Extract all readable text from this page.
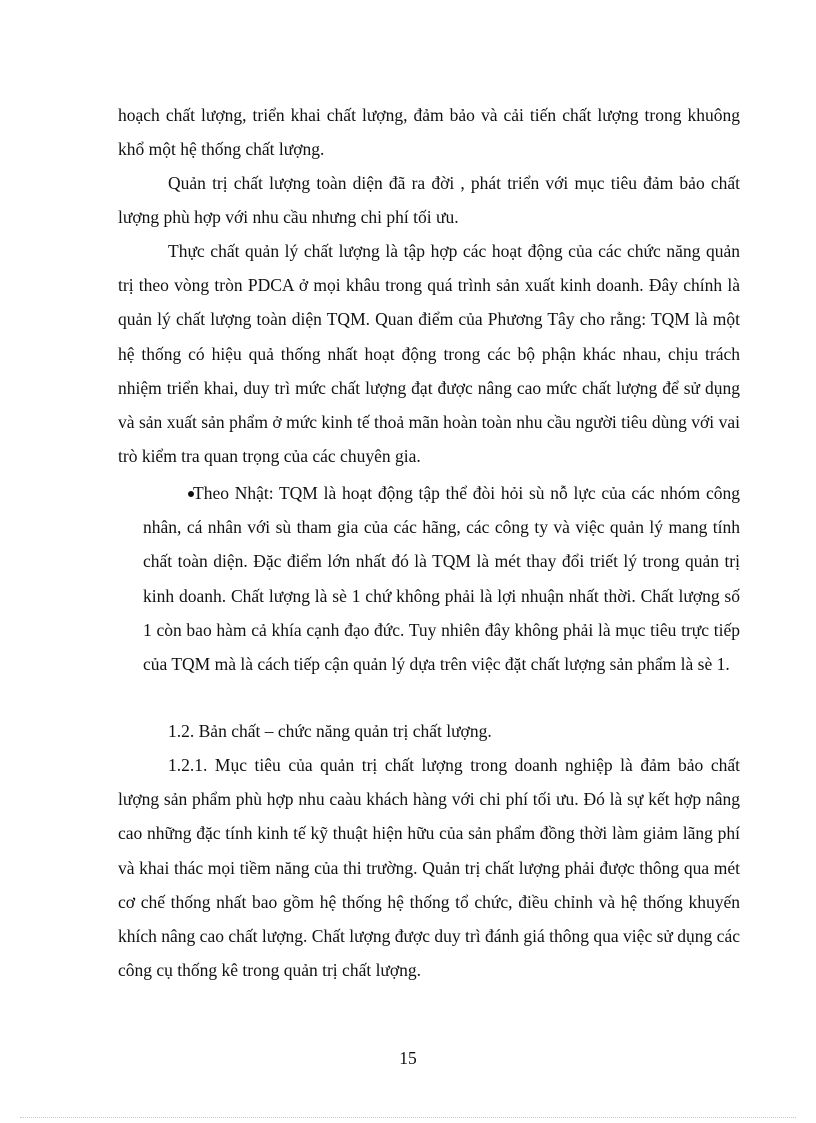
hoạch chất lượng, triển khai chất lượng, đảm bảo và cải tiến chất lượng trong khuông khổ một hệ thống chất lượng.

Quản trị chất lượng toàn diện đã ra đời , phát triển với mục tiêu đảm bảo chất lượng phù hợp với nhu cầu nhưng chi phí tối ưu.

Thực chất quản lý chất lượng là tập hợp các hoạt động của các chức năng quản trị theo vòng tròn PDCA ở mọi khâu trong quá trình sản xuất kinh doanh. Đây chính là quản lý chất lượng toàn diện TQM. Quan điểm của Phương Tây cho rằng: TQM là một hệ thống có hiệu quả thống nhất hoạt động trong các bộ phận khác nhau, chịu trách nhiệm triển khai, duy trì mức chất lượng đạt được nâng cao mức chất lượng để sử dụng và sản xuất sản phẩm ở mức kinh tế thoả mãn hoàn toàn nhu cầu người tiêu dùng với vai trò kiểm tra quan trọng của các chuyên gia.

Theo Nhật: TQM là hoạt động tập thể đòi hỏi sù nỗ lực của các nhóm công nhân, cá nhân với sù tham gia của các hãng, các công ty và việc quản lý mang tính chất toàn diện. Đặc điểm lớn nhất đó là TQM là mét thay đổi triết lý trong quản trị kinh doanh. Chất lượng là sè 1 chứ không phải là lợi nhuận nhất thời. Chất lượng số 1 còn bao hàm cả khía cạnh đạo đức. Tuy nhiên đây không phải là mục tiêu trực tiếp của TQM mà là cách tiếp cận quản lý dựa trên việc đặt chất lượng sản phẩm là sè 1.

1.2. Bản chất – chức năng quản trị chất lượng.

1.2.1. Mục tiêu của quản trị chất lượng trong doanh nghiệp là đảm bảo chất lượng sản phẩm phù hợp nhu caàu khách hàng với chi phí tối ưu. Đó là sự kết hợp nâng cao những đặc tính kinh tế kỹ thuật hiện hữu của sản phẩm đồng thời làm giảm lãng phí và khai thác mọi tiềm năng của thi trường. Quản trị chất lượng phải được thông qua mét cơ chế thống nhất bao gồm hệ thống hệ thống tổ chức, điều chỉnh và hệ thống khuyến khích nâng cao chất lượng. Chất lượng được duy trì đánh giá thông qua việc sử dụng các công cụ thống kê trong quản trị chất lượng.

15
